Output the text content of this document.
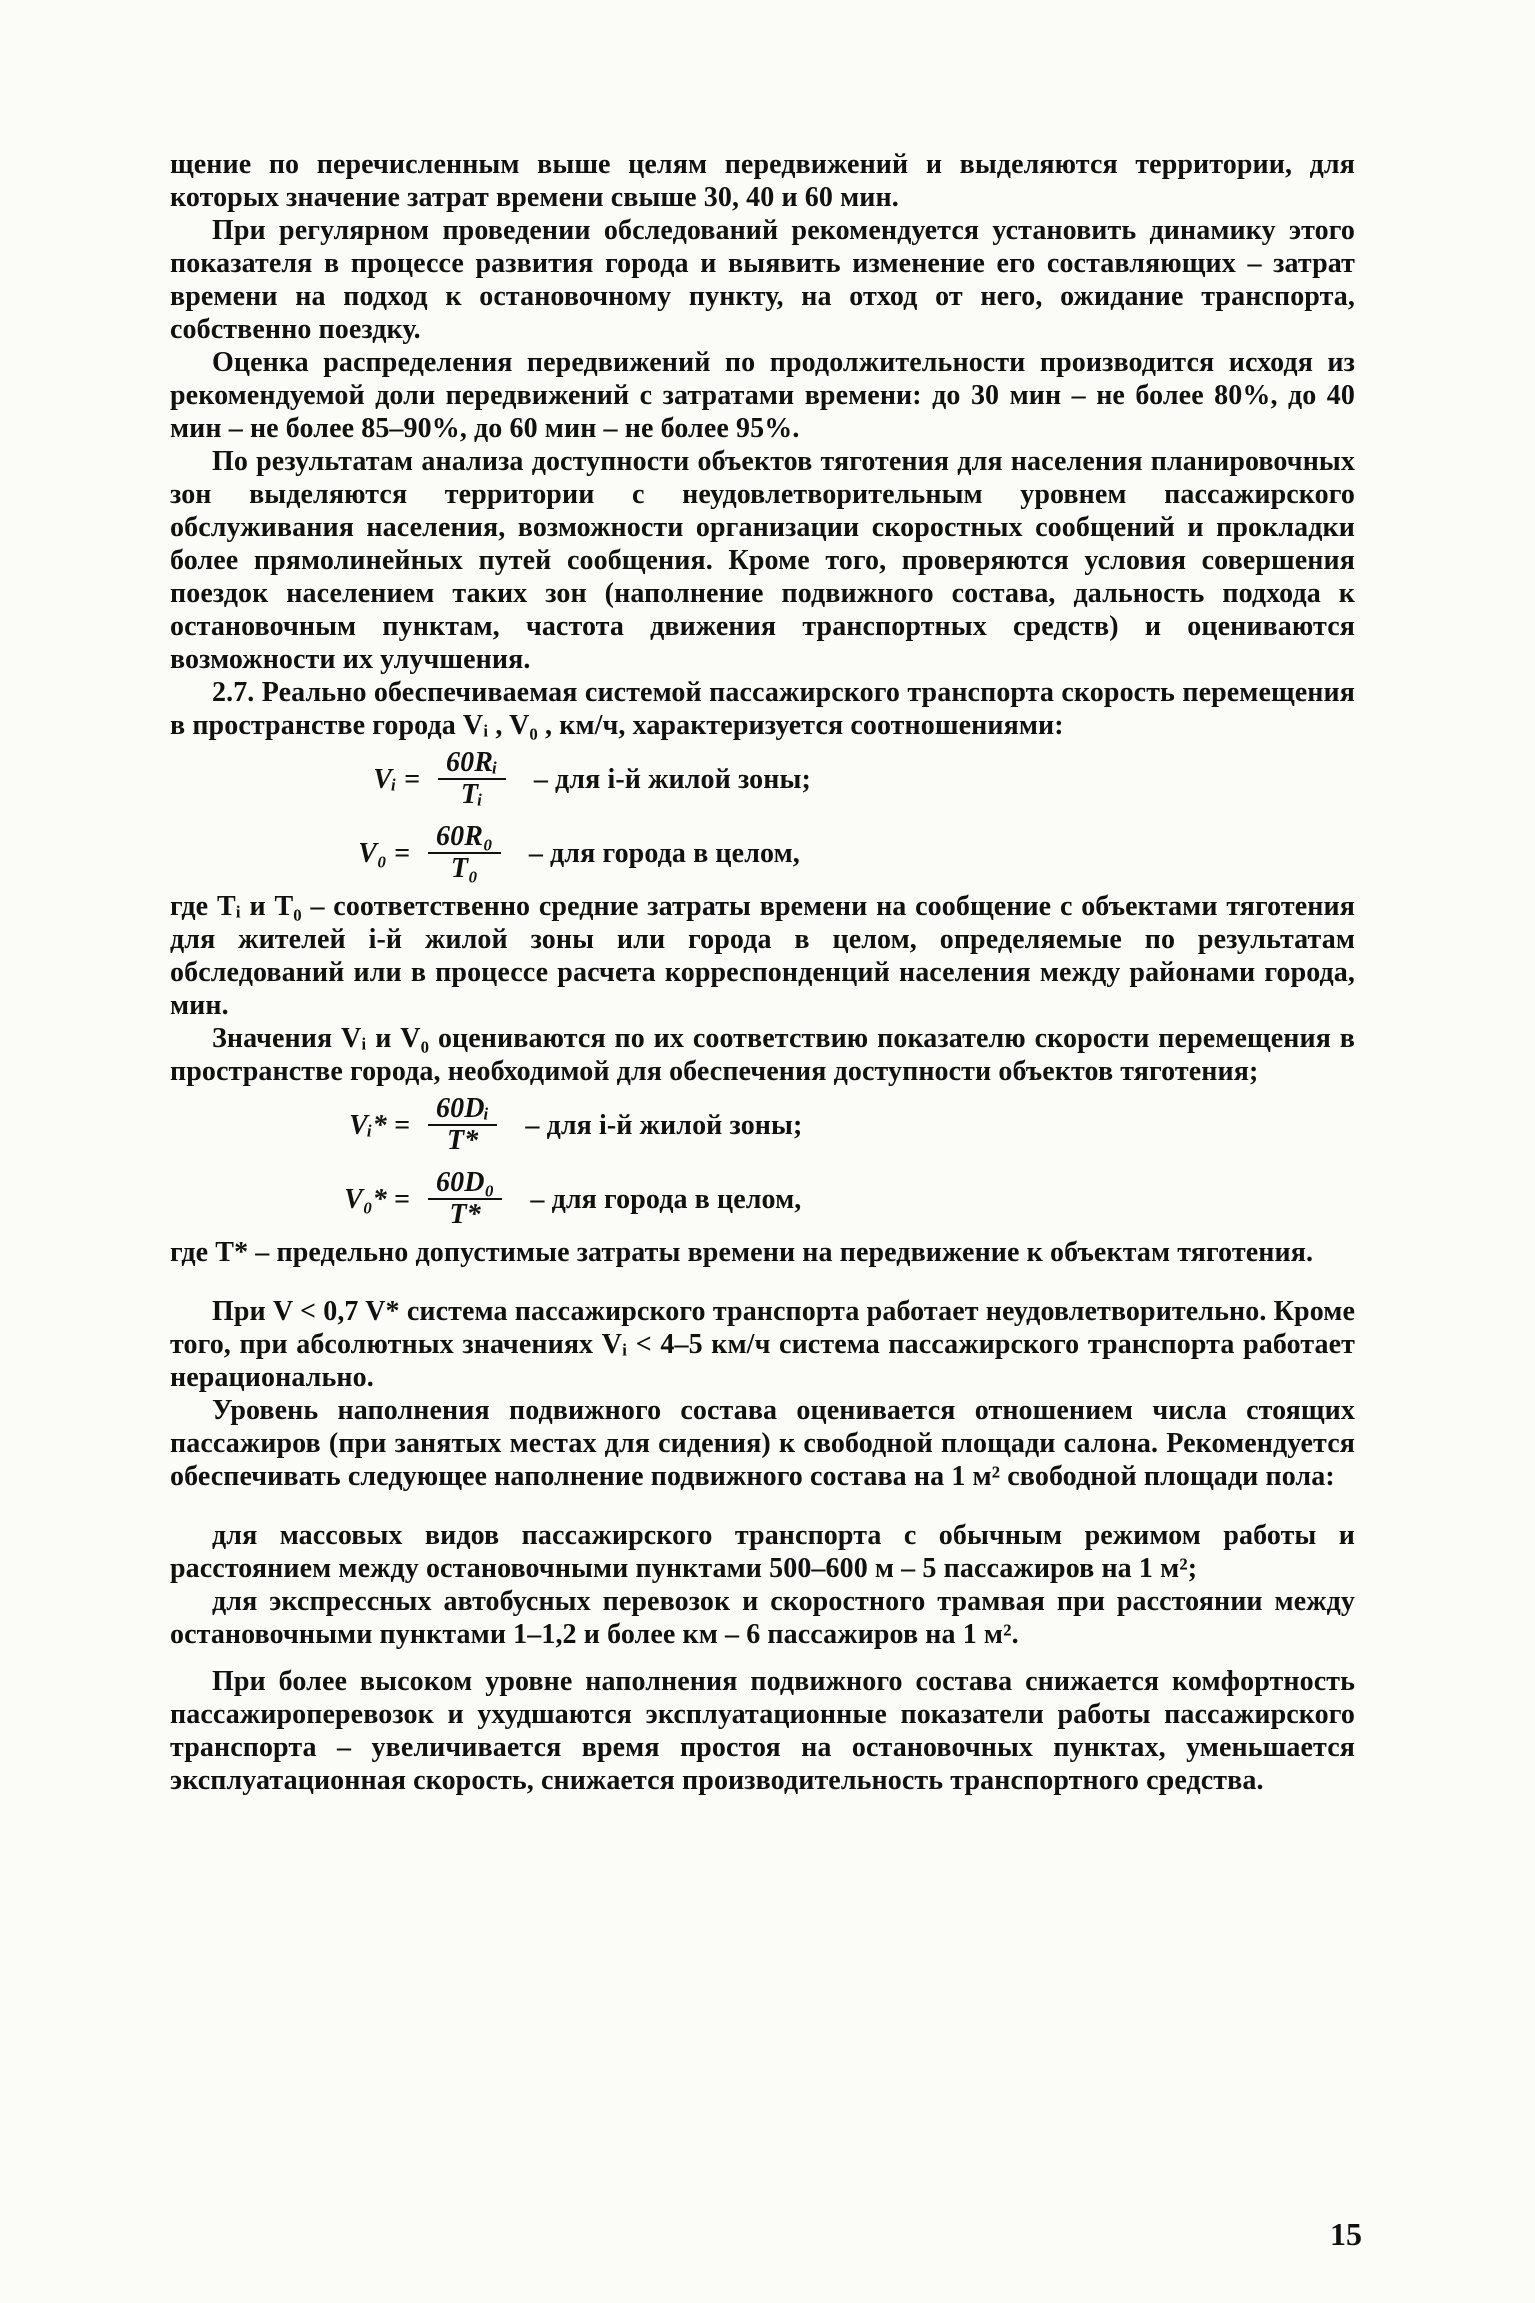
щение по перечисленным выше целям передвижений и выделяются территории, для которых значение затрат времени свыше 30, 40 и 60 мин.

При регулярном проведении обследований рекомендуется установить динамику этого показателя в процессе развития города и выявить изменение его составляющих – затрат времени на подход к остановочному пункту, на отход от него, ожидание транспорта, собственно поездку.

Оценка распределения передвижений по продолжительности производится исходя из рекомендуемой доли передвижений с затратами времени: до 30 мин – не более 80%, до 40 мин – не более 85–90%, до 60 мин – не более 95%.

По результатам анализа доступности объектов тяготения для населения планировочных зон выделяются территории с неудовлетворительным уровнем пассажирского обслуживания населения, возможности организации скоростных сообщений и прокладки более прямолинейных путей сообщения. Кроме того, проверяются условия совершения поездок населением таких зон (наполнение подвижного состава, дальность подхода к остановочным пунктам, частота движения транспортных средств) и оцениваются возможности их улучшения.

2.7. Реально обеспечиваемая системой пассажирского транспорта скорость перемещения в пространстве города Vᵢ , V₀ , км/ч, характеризуется соотношениями:

Vᵢ = $\frac{\text{60Rᵢ}}{\text{Tᵢ}}$ – для i-й жилой зоны;
$V_0 = \frac{\text{60R₀}}{\text{T₀}}$ – для города в целом,

где Tᵢ и T₀ – соответственно средние затраты времени на сообщение с объектами тяготения для жителей i-й жилой зоны или города в целом, определяемые по результатам обследований или в процессе расчета корреспонденций населения между районами города, мин.

Значения Vᵢ и V₀ оцениваются по их соответствию показателю скорости перемещения в пространстве города, необходимой для обеспечения доступности объектов тяготения;

Vᵢ* = $\frac{\text{60Dᵢ}}{T*}$ – для i-й жилой зоны;
$V_0* = \frac{\text{60D₀}}{T*}$ – для города в целом,

где T* – предельно допустимые затраты времени на передвижение к объектам тяготения.

При V < 0,7 V* система пассажирского транспорта работает неудовлетворительно. Кроме того, при абсолютных значениях Vᵢ < 4–5 км/ч система пассажирского транспорта работает нерационально.

Уровень наполнения подвижного состава оценивается отношением числа стоящих пассажиров (при занятых местах для сидения) к свободной площади салона. Рекомендуется обеспечивать следующее наполнение подвижного состава на 1 м² свободной площади пола:

для массовых видов пассажирского транспорта с обычным режимом работы и расстоянием между остановочными пунктами 500–600 м – 5 пассажиров на 1 м²;

для экспрессных автобусных перевозок и скоростного трамвая при расстоянии между остановочными пунктами 1–1,2 и более км – 6 пассажиров на 1 м².

При более высоком уровне наполнения подвижного состава снижается комфортность пассажироперевозок и ухудшаются эксплуатационные показатели работы пассажирского транспорта – увеличивается время простоя на остановочных пунктах, уменьшается эксплуатационная скорость, снижается производительность транспортного средства.

15
